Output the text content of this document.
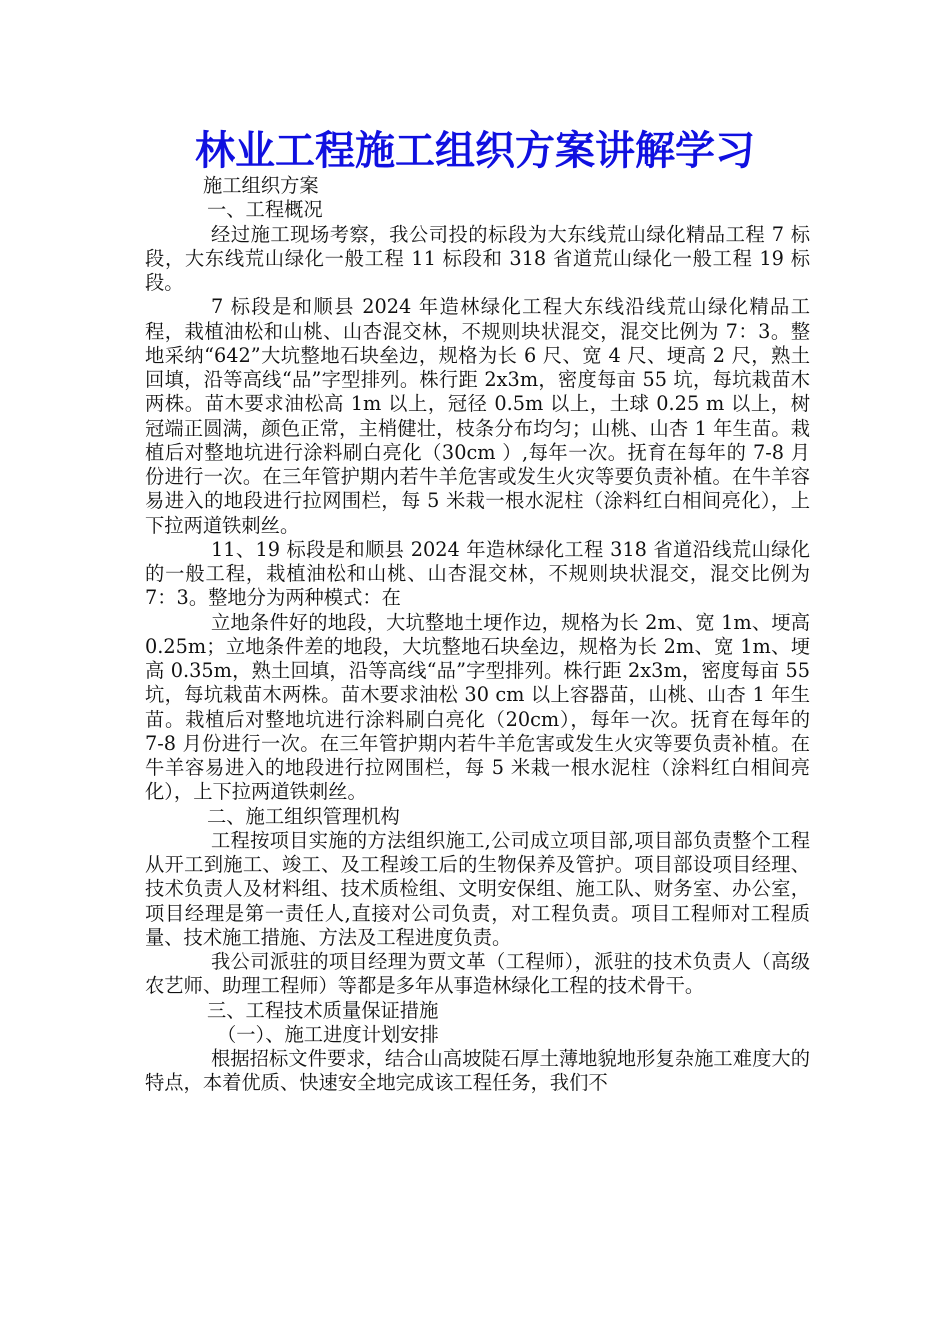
林业工程施工组织方案讲解学习

施工组织方案

一、工程概况

经过施工现场考察，我公司投的标段为大东线荒山绿化精品工程 7 标段，大东线荒山绿化一般工程 11 标段和 318 省道荒山绿化一般工程 19 标段。

7 标段是和顺县 2024 年造林绿化工程大东线沿线荒山绿化精品工程，栽植油松和山桃、山杏混交林，不规则块状混交，混交比例为 7：3。整地采纳“642”大坑整地石块垒边，规格为长 6 尺、宽 4 尺、埂高 2 尺，熟土回填，沿等高线“品”字型排列。株行距 2x3m，密度每亩 55 坑，每坑栽苗木两株。苗木要求油松高 1m 以上，冠径 0.5m 以上，土球 0.25 m 以上，树冠端正圆满，颜色正常，主梢健壮，枝条分布均匀；山桃、山杏 1 年生苗。栽植后对整地坑进行涂料刷白亮化（30cm ）,每年一次。抚育在每年的 7-8 月份进行一次。在三年管护期内若牛羊危害或发生火灾等要负责补植。在牛羊容易进入的地段进行拉网围栏，每 5 米栽一根水泥柱（涂料红白相间亮化），上下拉两道铁刺丝。

11、19 标段是和顺县 2024 年造林绿化工程 318 省道沿线荒山绿化的一般工程，栽植油松和山桃、山杏混交林，不规则块状混交，混交比例为 7：3。整地分为两种模式：在

立地条件好的地段，大坑整地土埂作边，规格为长 2m、宽 1m、埂高 0.25m；立地条件差的地段，大坑整地石块垒边，规格为长 2m、宽 1m、埂高 0.35m，熟土回填，沿等高线“品”字型排列。株行距 2x3m，密度每亩 55 坑，每坑栽苗木两株。苗木要求油松 30 cm 以上容器苗，山桃、山杏 1 年生苗。栽植后对整地坑进行涂料刷白亮化（20cm），每年一次。抚育在每年的 7-8 月份进行一次。在三年管护期内若牛羊危害或发生火灾等要负责补植。在牛羊容易进入的地段进行拉网围栏，每 5 米栽一根水泥柱（涂料红白相间亮化），上下拉两道铁刺丝。

二、施工组织管理机构

工程按项目实施的方法组织施工,公司成立项目部,项目部负责整个工程从开工到施工、竣工、及工程竣工后的生物保养及管护。项目部设项目经理、技术负责人及材料组、技术质检组、文明安保组、施工队、财务室、办公室，项目经理是第一责任人,直接对公司负责，对工程负责。项目工程师对工程质量、技术施工措施、方法及工程进度负责。

我公司派驻的项目经理为贾文革（工程师），派驻的技术负责人（高级农艺师、助理工程师）等都是多年从事造林绿化工程的技术骨干。

三、工程技术质量保证措施

（一）、施工进度计划安排

根据招标文件要求，结合山高坡陡石厚土薄地貌地形复杂施工难度大的特点，本着优质、快速安全地完成该工程任务，我们不
